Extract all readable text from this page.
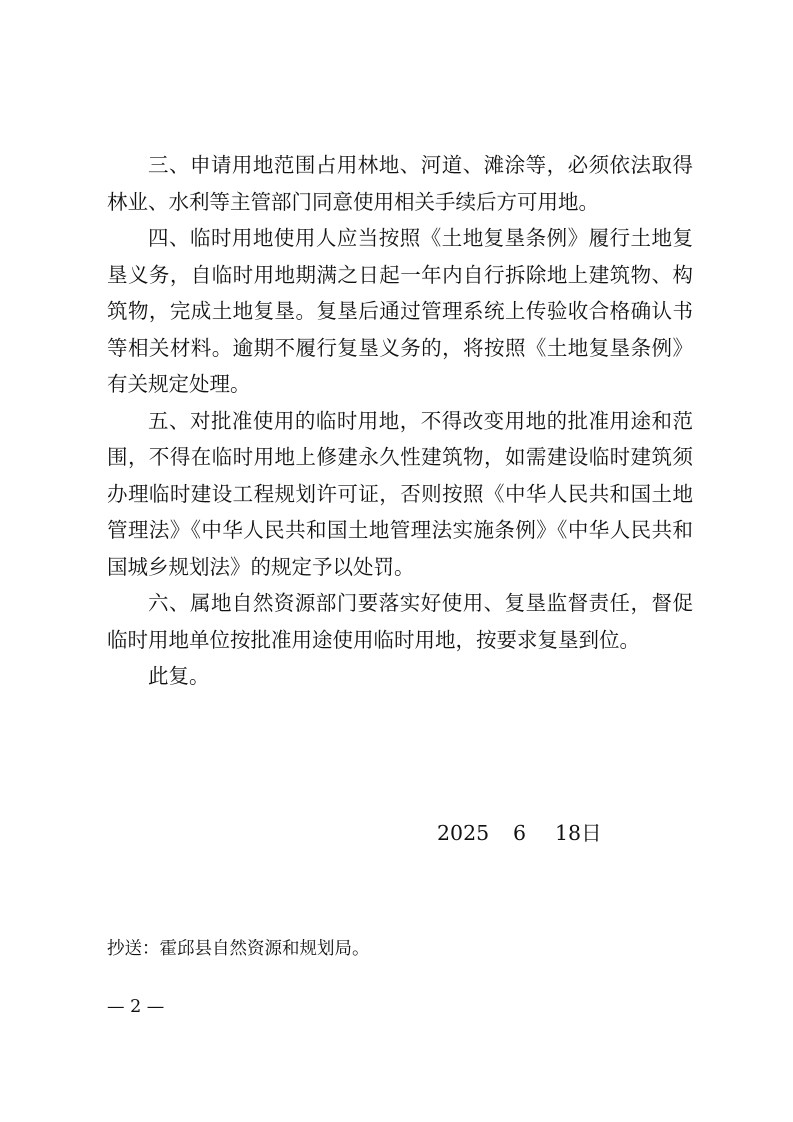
三、申请用地范围占用林地、河道、滩涂等，必须依法取得林业、水利等主管部门同意使用相关手续后方可用地。

四、临时用地使用人应当按照《土地复垦条例》履行土地复垦义务，自临时用地期满之日起一年内自行拆除地上建筑物、构筑物，完成土地复垦。复垦后通过管理系统上传验收合格确认书等相关材料。逾期不履行复垦义务的，将按照《土地复垦条例》有关规定处理。

五、对批准使用的临时用地，不得改变用地的批准用途和范围，不得在临时用地上修建永久性建筑物，如需建设临时建筑须办理临时建设工程规划许可证，否则按照《中华人民共和国土地管理法》《中华人民共和国土地管理法实施条例》《中华人民共和国城乡规划法》的规定予以处罚。

六、属地自然资源部门要落实好使用、复垦监督责任，督促临时用地单位按批准用途使用临时用地，按要求复垦到位。

此复。

2025 6 18日
抄送：霍邱县自然资源和规划局。
— 2 —
